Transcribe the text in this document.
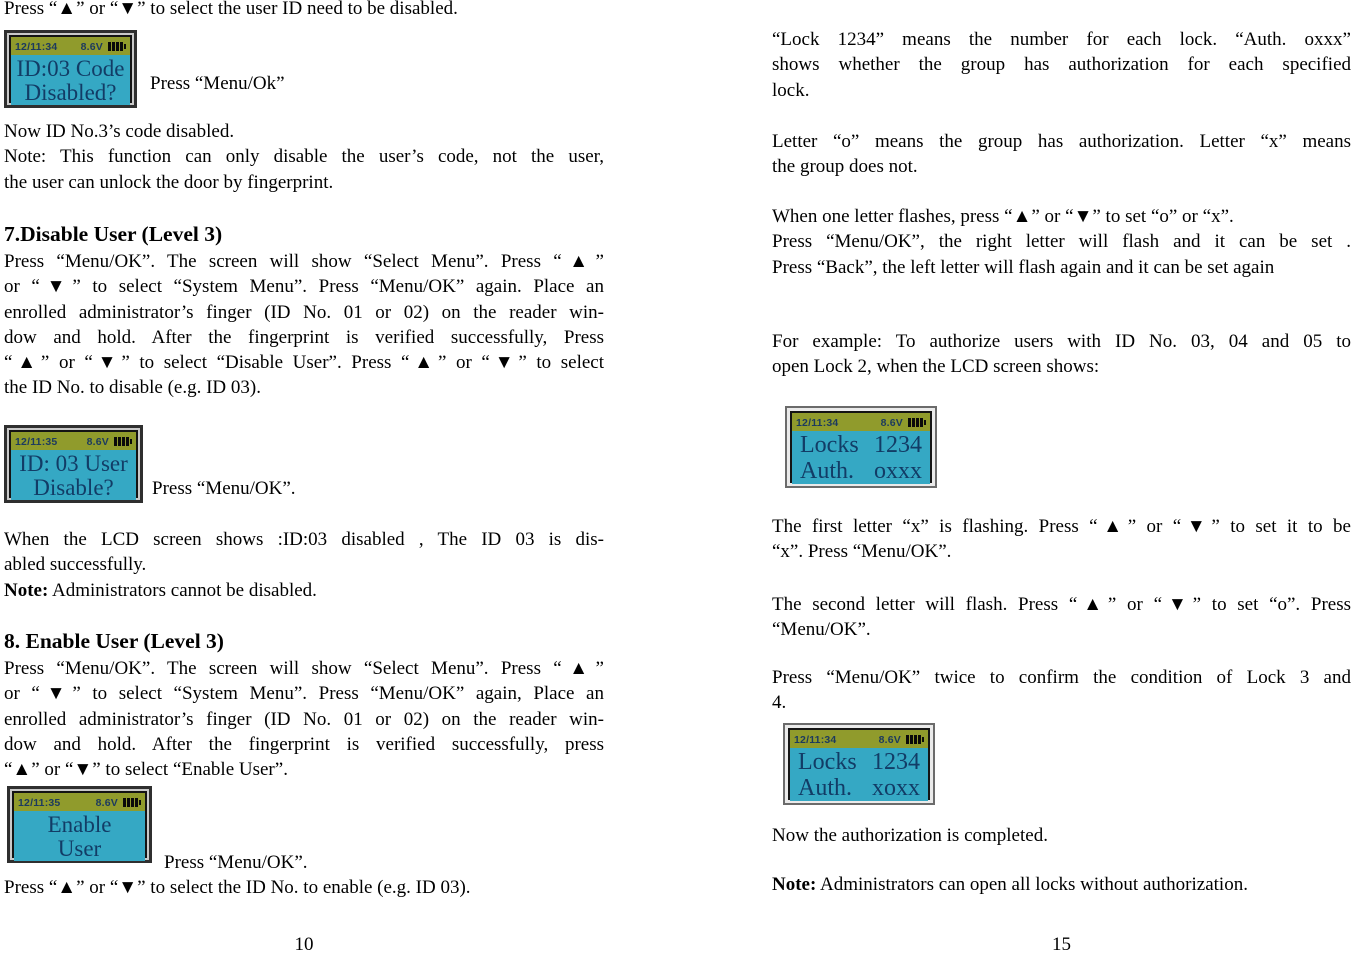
Press “▲” or “▼” to select the user ID need to be disabled.
12/11:34 8.6V
ID:03 Code
Disabled?	Press “Menu/Ok”
Now ID No.3’s code disabled.
Note: This function can only disable the user’s code, not the user,
the user can unlock the door by fingerprint.
7.Disable User (Level 3)
Press “Menu/OK”. The screen will show “Select Menu”. Press “▲”
or “▼” to select “System Menu”. Press “Menu/OK” again. Place an
enrolled administrator’s finger (ID No. 01 or 02) on the reader win-
dow and hold. After the fingerprint is verified successfully, Press
“▲” or “▼” to select “Disable User”. Press “▲” or “▼” to select
the ID No. to disable (e.g. ID 03).
12/11:35	8.6V
ID: 03 User
Disable?	Press “Menu/OK”.
When the LCD screen shows :ID:03 disabled , The ID 03 is dis-
abled successfully.
Note: Administrators cannot be disabled.
8. Enable User (Level 3)
Press “Menu/OK”. The screen will show “Select Menu”. Press “▲”
or “▼” to select “System Menu”. Press “Menu/OK” again, Place an
enrolled administrator’s finger (ID No. 01 or 02) on the reader win-
dow and hold. After the fingerprint is verified successfully, press
“▲” or “▼” to select “Enable User”.
12/11:35	8.6V
Enable
User
Press “Menu/OK”.
Press “▲” or “▼” to select the ID No. to enable (e.g. ID 03).
10
“Lock 1234” means the number for each lock. “Auth. oxxx”
shows whether the group has authorization for each specified
lock.
Letter “o” means the group has authorization. Letter “x” means
the group does not.
When one letter flashes, press “▲” or “▼” to set “o” or “x”.
Press “Menu/OK”, the right letter will flash and it can be set .
Press “Back”, the left letter will flash again and it can be set again
For example: To authorize users with ID No. 03, 04 and 05 to
open Lock 2, when the LCD screen shows:
12/11:34	8.6V
Locks 1234
Auth. oxxx
The first letter “x” is flashing. Press “▲” or “▼” to set it to be
“x”. Press “Menu/OK”.
The second letter will flash. Press “▲” or “▼” to set “o”. Press
“Menu/OK”.
Press “Menu/OK” twice to confirm the condition of Lock 3 and
4.
12/11:34	8.6V
Locks 1234
Auth. xoxx
Now the authorization is completed.
Note: Administrators can open all locks without authorization.
15
